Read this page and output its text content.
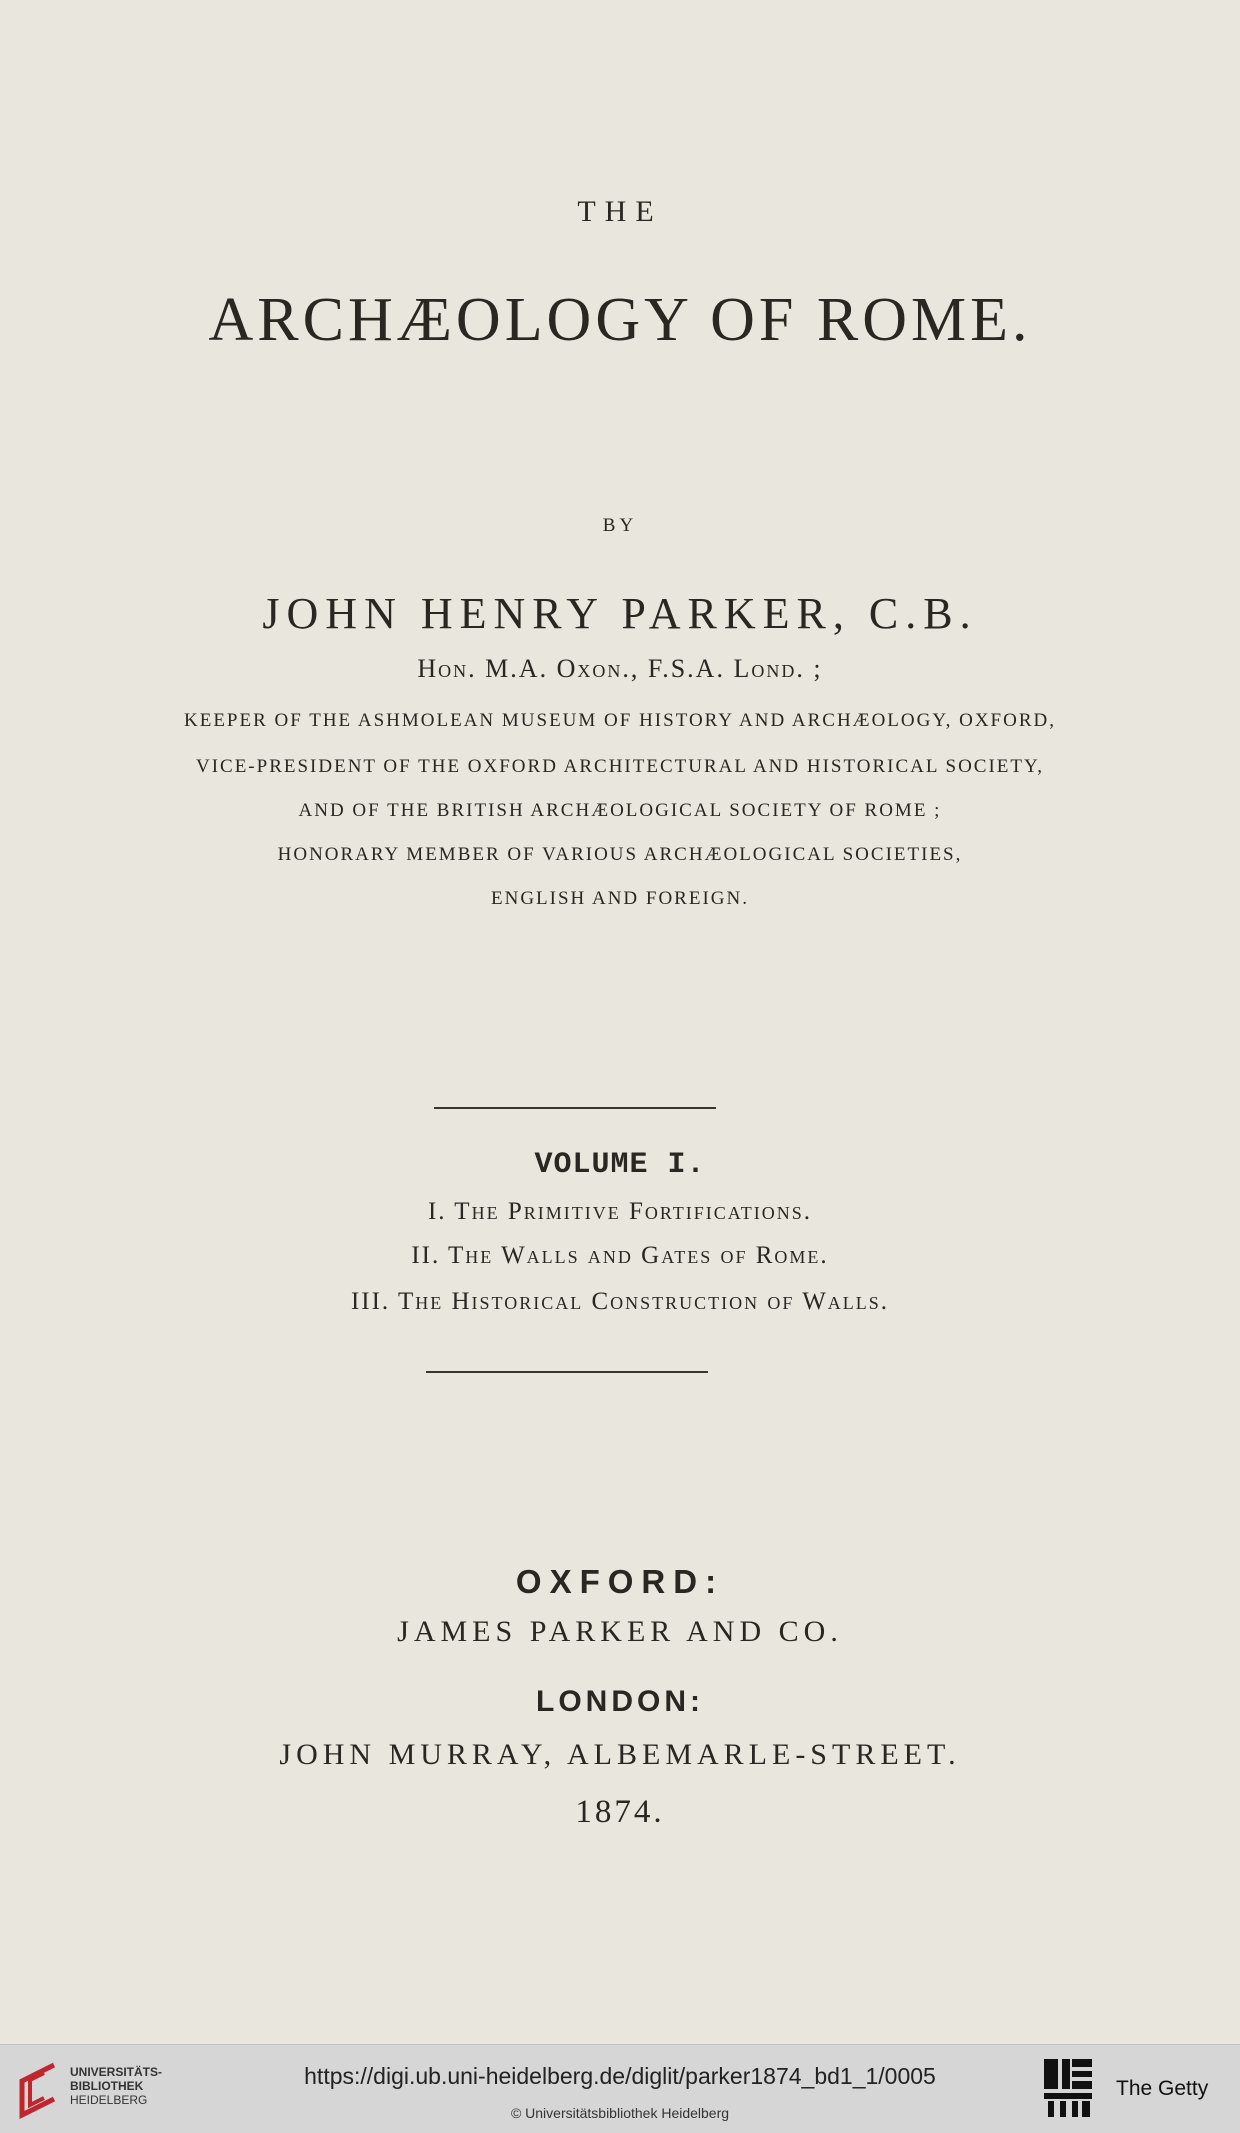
THE
ARCHÆOLOGY OF ROME.
BY
JOHN HENRY PARKER, C.B.
Hon. M.A. Oxon., F.S.A. Lond. ;
KEEPER OF THE ASHMOLEAN MUSEUM OF HISTORY AND ARCHÆOLOGY, OXFORD,
VICE-PRESIDENT OF THE OXFORD ARCHITECTURAL AND HISTORICAL SOCIETY,
AND OF THE BRITISH ARCHÆOLOGICAL SOCIETY OF ROME ;
HONORARY MEMBER OF VARIOUS ARCHÆOLOGICAL SOCIETIES,
ENGLISH AND FOREIGN.
VOLUME I.
I. The Primitive Fortifications.
II. The Walls and Gates of Rome.
III. The Historical Construction of Walls.
OXFORD:
JAMES PARKER AND CO.
LONDON:
JOHN MURRAY, ALBEMARLE-STREET.
1874.
UNIVERSITÄTS-
BIBLIOTHEK
HEIDELBERG
https://digi.ub.uni-heidelberg.de/diglit/parker1874_bd1_1/0005
© Universitätsbibliothek Heidelberg
The Getty
